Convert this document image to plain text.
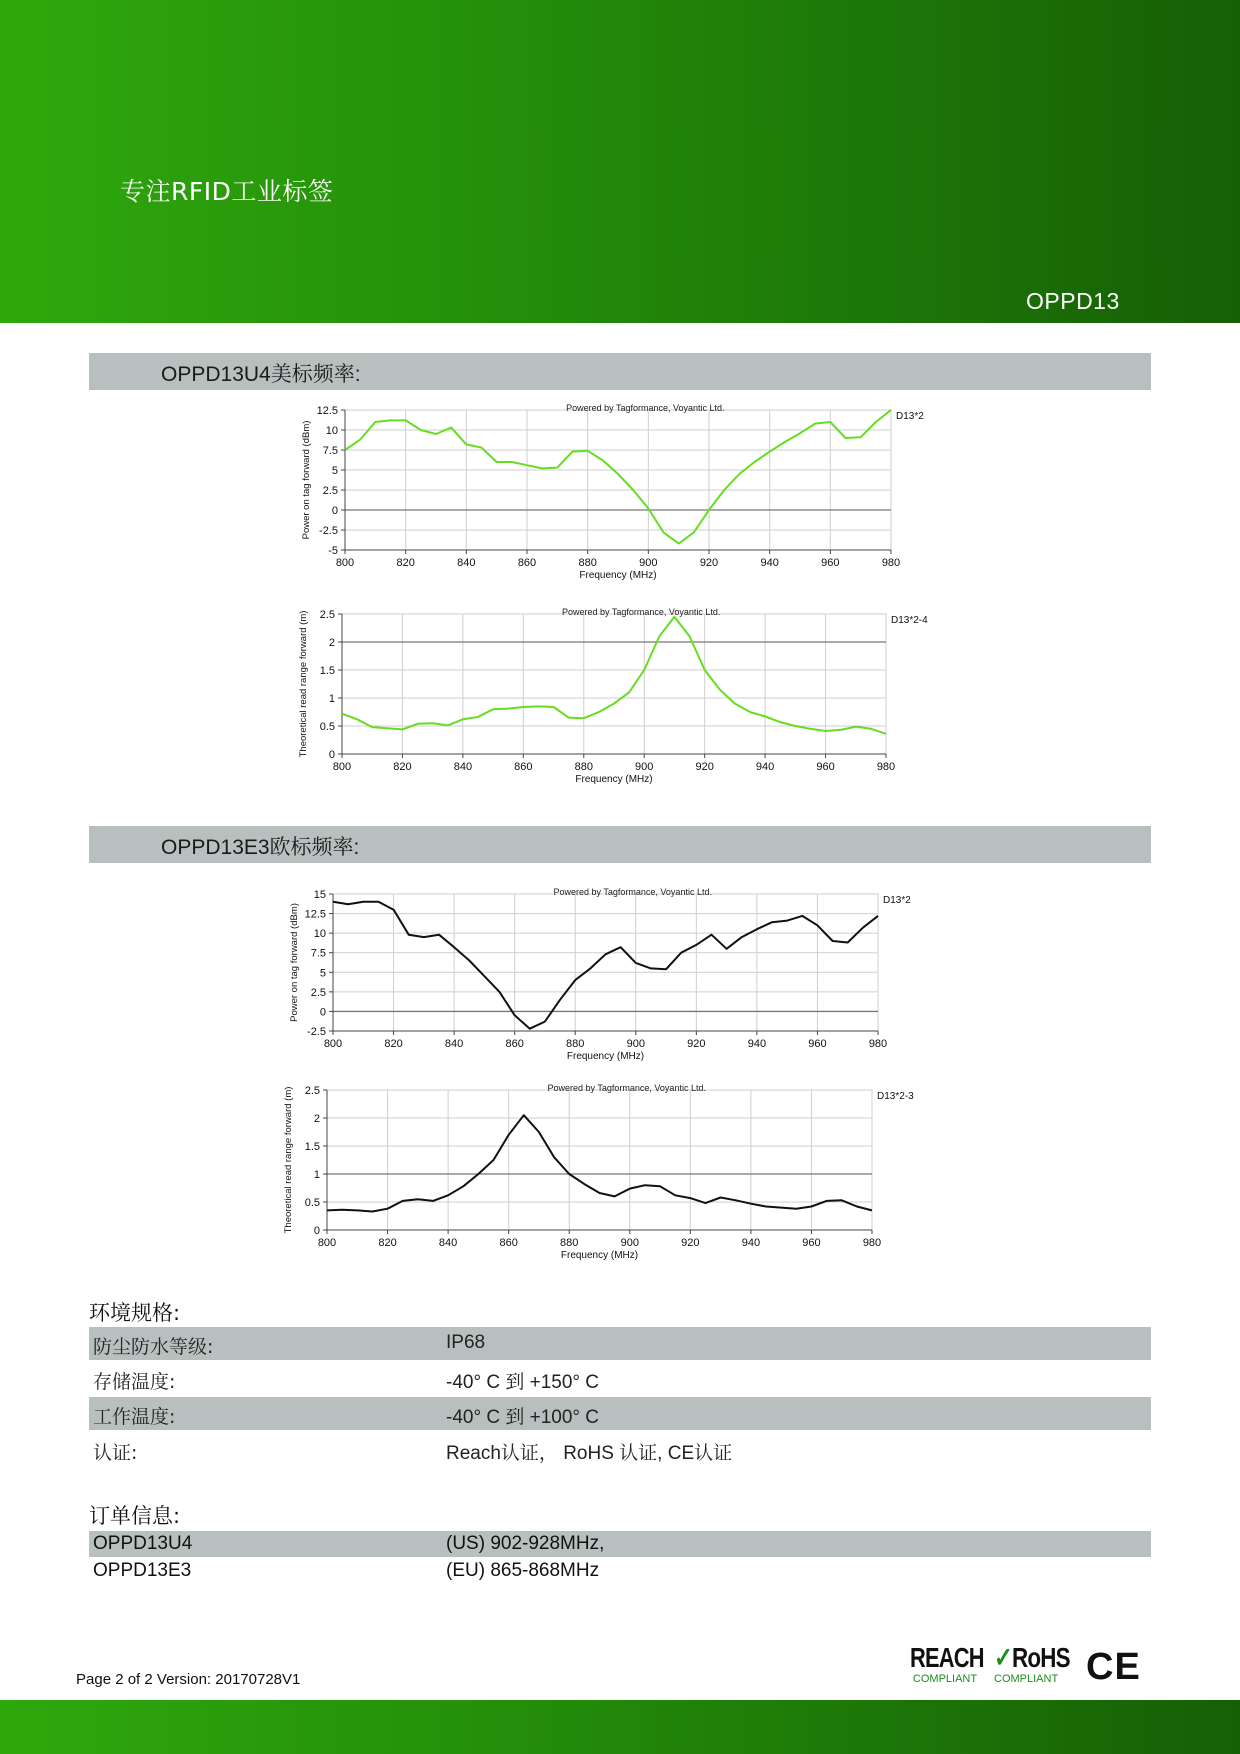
专注RFID工业标签
OPPD13
OPPD13U4美标频率:
800	820	840	860	880	900	920	940	960	980
12.5
10
7.5
5
2.5
0
-2.5
-5
Powered by Tagformance, Voyantic Ltd.
D13*2
Frequency (MHz)
Power on tag forward (dBm)
800	820	840	860	880	900	920	940	960	980
2.5
2
1.5
1
0.5
0
Powered by Tagformance, Voyantic Ltd.
D13*2-4
Frequency (MHz)
Theoretical read range forward (m)
OPPD13E3欧标频率:
800	820	840	860	880	900	920	940	960	980
15
12.5
10
7.5
5
2.5
0
-2.5
Powered by Tagformance, Voyantic Ltd.
D13*2
Frequency (MHz)
Power on tag forward (dBm)
800	820	840	860	880	900	920	940	960	980
2.5
2
1.5
1
0.5
0
Powered by Tagformance, Voyantic Ltd.
D13*2-3
Frequency (MHz)
Theoretical read range forward (m)
环境规格:
防尘防水等级:	IP68
存储温度:	-40° C 到 +150° C
工作温度:	-40° C 到 +100° C
认证:	Reach认证， RoHS 认证, CE认证
订单信息:
OPPD13U4	(US) 902-928MHz,
OPPD13E3	(EU) 865-868MHz
Page 2 of 2 Version: 20170728V1
REACH
COMPLIANT
✓RoHS
COMPLIANT CE
